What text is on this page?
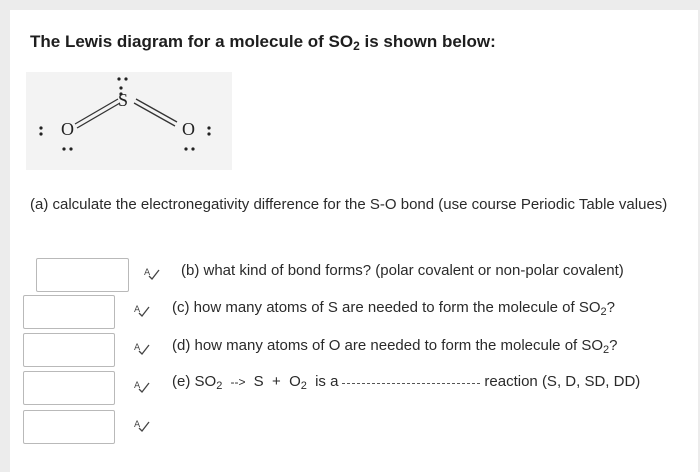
The Lewis diagram for a molecule of $SO_2$ is shown below:
S
O	O
(a) calculate the electronegativity difference for the S-O bond (use course Periodic Table values)
A
A
A
A
A
(b) what kind of bond forms? (polar covalent or non-polar covalent)
(c) how many atoms of S are needed to form the molecule of $SO_2$?
(d) how many atoms of O are needed to form the molecule of $SO_2$?
(e) $SO_2$ --> $S + O_2$ is a	reaction (S, D, SD, DD)
